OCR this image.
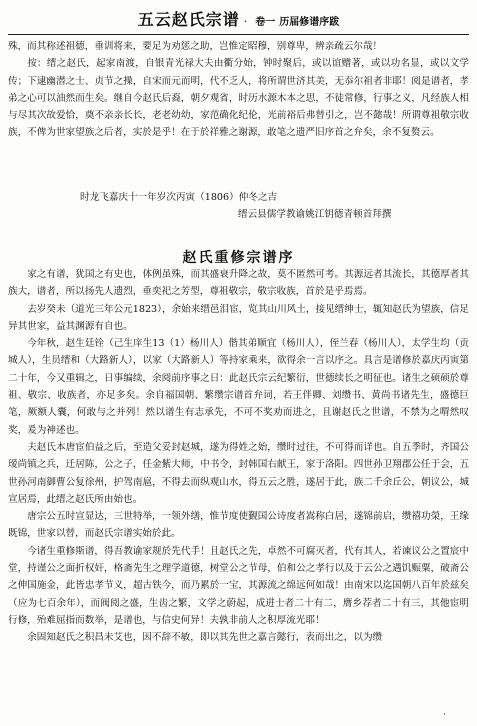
五云赵氏宗谱 · 卷一 历届修谱序跋

殊，而其称述祖德，垂训将来，要足为劝惩之助，岂惟定昭穆，别尊卑，辨亲疏云尔哉！

按：缙之赵氏，起家南渡，自银青光禄大夫由衢分始，钟时聚后，或以谊赠著，或以功名显，或以文学传；下逮幽潜之士、贞节之操，自宋而元而明，代不乏人，将所谓世济其美，无忝尔祖者非耶！阅是谱者，孝弟之心可以油然而生矣。继自今赵氏后裔，朝夕观省，时历水源木本之思，不徒常修，行事之义，凡经族人相与尽其次故爱恰，奠不亲亲长长，老老幼幼，家范确化纪伦，光前裕后弗替引之，岂不懿哉！所谓尊祖敬宗收族，不俾为世家望族之后者，实於是乎！在于於祥雅之谢源，敢笔之遗严旧序首之弁矣，余不复赘云。

时龙飞嘉庆十一年岁次丙寅（1806）仲冬之吉
缙云县儒学教谕姚江钥德青顿首拜撰
赵氏重修宗谱序

家之有谱，犹国之有史也，体例虽殊，而其盛衰升降之故，莫不匿然可考。其源远者其流长，其德厚者其族大，谱者，所以扬先人遗烈，垂奕祀之芳型，尊祖敬宗，敬宗收族，首於是乎焉焉。

去岁癸未（道光三年公元1823），余始来缙邑泪宦，览其山川风土，接见缙绅士，辄知赵氏为望族，信足异其世家，益其渊源有自也。

今年秋，赵生廷铨（己生庠生13（1）杨川人）偕其弟顺宜（杨川人），侄兰春（杨川人），太学生均（贡城人），生员缙和（大路新人），以家（大路新人）等持家乘来，欲得余一言以序之。具言是谱修於嘉庆丙寅第二十年，今又重辑之，日事编续，余阅前序事之日：此赵氏宗云纪繁衍，世德续长之明征也。诸生之硕硕於尊祖、敬宗、收族者，亦足多矣。余自福国朝、繁缵宗谱首弁词，若王伴卿、刘缵书、黄尚书诸先生，盛德巨笔，厥额人囊，何敢与之并列！然以谱生有志承先，不可不奖劝而进之，且谢赵氏之世谱，不禁为之喟然叹奖，爰为神述也。

夫赵氏本唐宦伯益之后，至造父妥封赵城，遂为得姓之始，缵时过往，不可得而详也。自五季时，齐国公瑷尚镇之兵，迁居陈，公之子，任金紫大师，中书令，封韩国右献王，家于洛阳。四世孙卫翔郡公任于会，五世孙河南御曹公复徐州，护驾南扈，不得去而纵观山水，得五云之胜，遂居于此，族二千余丘公，朝议公，城宣居焉，此缙之赵氏所由始也。

唐宗公五时宣显达，三世特举，一领外缮，惟节度使觐国公诗度者嵩称白居，遂锦前启，缵禧功榮，王缘既锦，世家以替，而赵氏宗谱实始於此。

今诸生重修斯谱，得吾教谕家规於先代手！且赵氏之先，卓然不可腐灭者，代有其人，若谏议公之置宸中堂，持谨公之面折权奸，格斋先生之理学道德，树堂公之节母，伯和公之孝行以及于云公之遇饥赈粟，破斋公之伸国施金，此皆忠孝节义，超古铁今，而乃累於一宝，其源流之绵远何如哉！由南宋以迄国朝八百年於兹矣（应为七百余年），而阀阅之盛，生齿之繁，文学之蔚起，成进士者二十有二，膺乡荐者二十有三，其他宦明行修，殆难屈指而数举，是谱也，与信史何异！夫孰非前人之积厚流光耶！

余固知赵氏之积昌未艾也，因不辞不敏，即以其先世之嘉言懿行，表而出之，以为缵

·
